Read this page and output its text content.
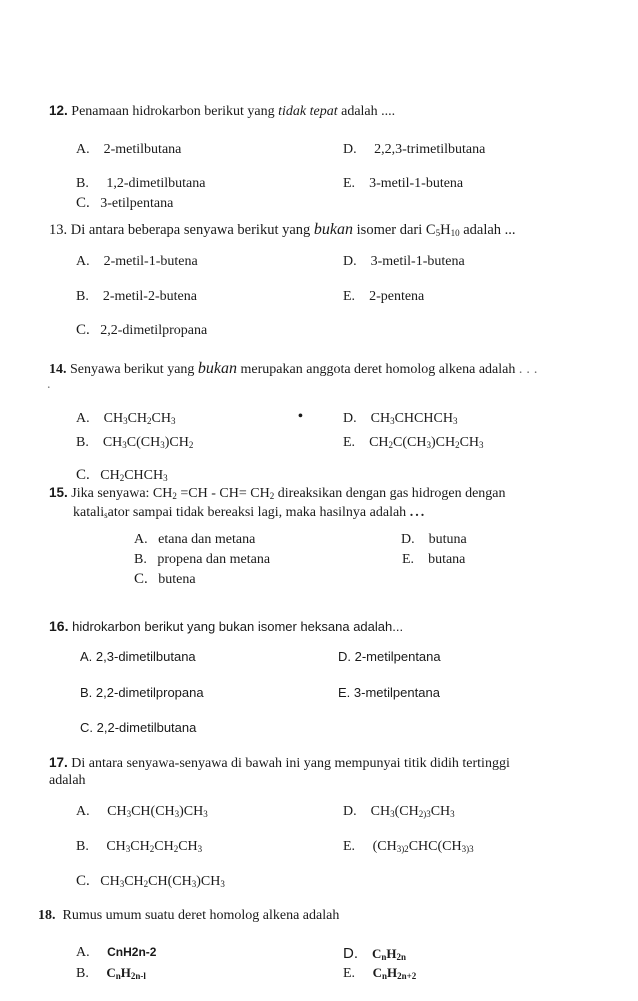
12. Penamaan hidrokarbon berikut yang tidak tepat adalah ....
A. 2-metilbutana	D. 2,2,3-trimetilbutana
B. 1,2-dimetilbutana	E. 3-metil-1-butena
C. 3-etilpentana
13. Di antara beberapa senyawa berikut yang bukan isomer dari $C_5H_{10}$ adalah ...
A. 2-metil-1-butena	D. 3-metil-1-butena
B. 2-metil-2-butena	E. 2-pentena
C. 2,2-dimetilpropana
14. Senyawa berikut yang bukan merupakan anggota deret homolog alkena adalah ...
.
A. $CH_3CH_2CH_3$	•	D. $CH_3CHCHCH_3$
B. $CH_3C(CH_3)CH_2$	E. $CH_2C(CH_3)CH_2CH_3$
C. $CH_2CHCH_3$
15. Jika senyawa: $CH_2 =CH - CH= CH_2$ direaksikan dengan gas hidrogen dengan
katali$_s$ator sampai tidak bereaksi lagi, maka hasilnya adalah ...
A. etana dan metana	D. butuna
B. propena dan metana	E. butana
C. butena
16. hidrokarbon berikut yang bukan isomer heksana adalah...
A. 2,3-dimetilbutana	D. 2-metilpentana
B. 2,2-dimetilpropana	E. 3-metilpentana
C. 2,2-dimetilbutana
17. Di antara senyawa-senyawa di bawah ini yang mempunyai titik didih tertinggi
adalah
A. $CH_3CH(CH_3)CH_3$	D. $CH_3(CH_{2)3}CH_3$
B. $CH_3CH_2CH_2CH_3$	E. ($CH_{3)2}CHC(CH_{3)3}$
C. $CH_3CH_2CH(CH_3)CH_3$
18. Rumus umum suatu deret homolog alkena adalah
A. CnH2n-2	D. $C_nH_{2n}$
B. $C_nH_{2n-l}$	E. $C_nH_{2n+2}$
